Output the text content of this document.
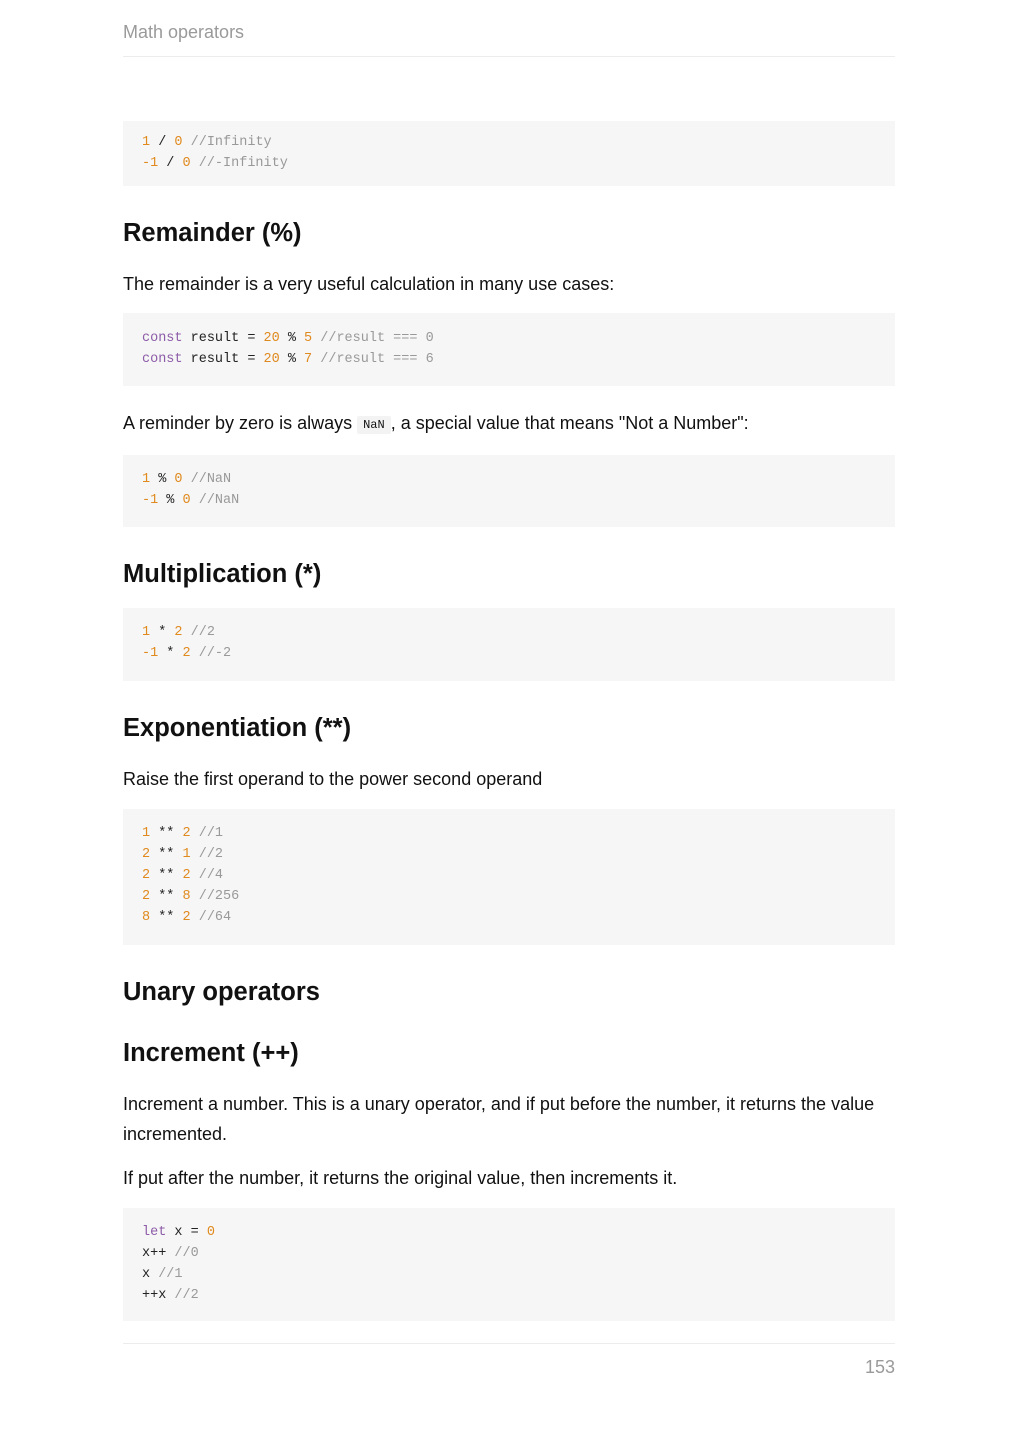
Math operators
1 / 0 //Infinity
-1 / 0 //-Infinity
Remainder (%)

The remainder is a very useful calculation in many use cases:

const result = 20 % 5 //result === 0
const result = 20 % 7 //result === 6

A reminder by zero is always NaN , a special value that means "Not a Number":

1 % 0 //NaN
-1 % 0 //NaN
Multiplication (*)
1 * 2 //2
-1 * 2 //-2
Exponentiation (**)

Raise the first operand to the power second operand

1 ** 2 //1
2 ** 1 //2
2 ** 2 //4
2 ** 8 //256
8 ** 2 //64
Unary operators
Increment (++)

Increment a number. This is a unary operator, and if put before the number, it returns the value incremented.

If put after the number, it returns the original value, then increments it.

let x = 0
x++ //0
x //1
++x //2
153
